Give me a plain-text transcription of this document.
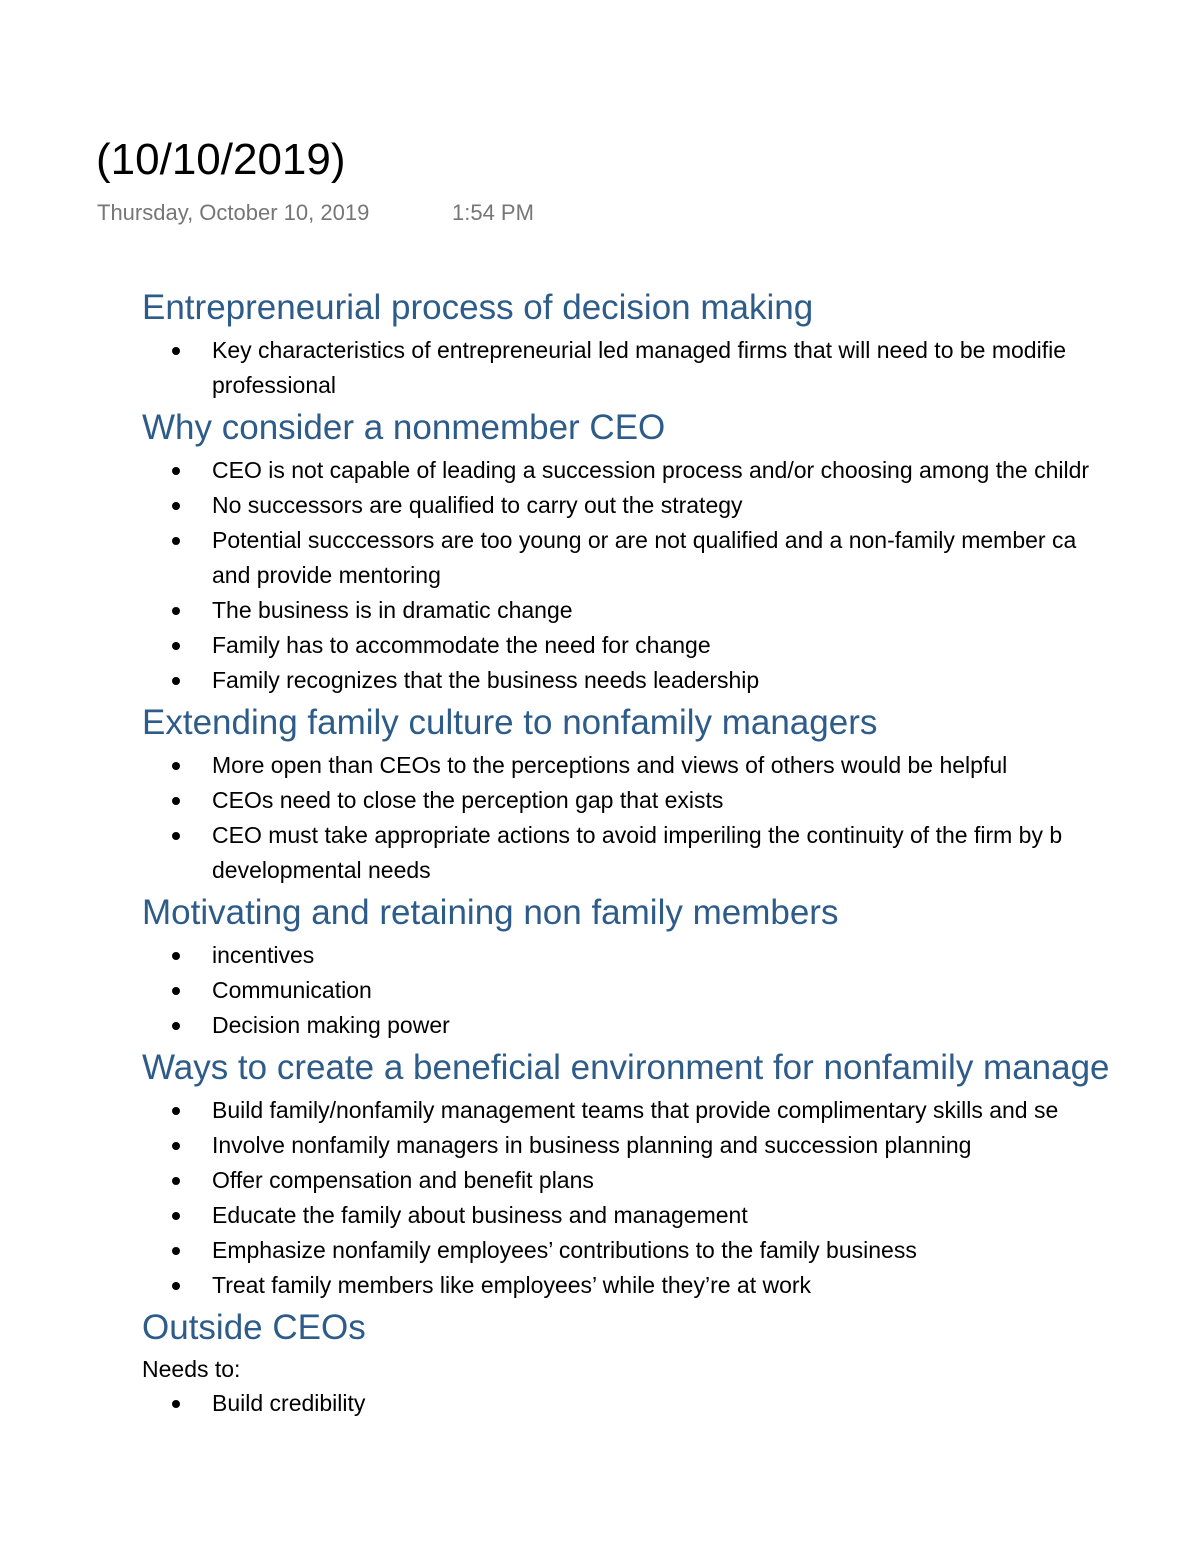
(10/10/2019)
Thursday, October 10, 2019	1:54 PM
Entrepreneurial process of decision making
Key characteristics of entrepreneurial led managed firms that will need to be modifie
professional
Why consider a nonmember CEO
CEO is not capable of leading a succession process and/or choosing among the childr
No successors are qualified to carry out the strategy
Potential succcessors are too young or are not qualified and a non-family member ca
and provide mentoring
The business is in dramatic change
Family has to accommodate the need for change
Family recognizes that the business needs leadership
Extending family culture to nonfamily managers
More open than CEOs to the perceptions and views of others would be helpful
CEOs need to close the perception gap that exists
CEO must take appropriate actions to avoid imperiling the continuity of the firm by b
developmental needs
Motivating and retaining non family members
incentives
Communication
Decision making power
Ways to create a beneficial environment for nonfamily manage
Build family/nonfamily management teams that provide complimentary skills and se
Involve nonfamily managers in business planning and succession planning
Offer compensation and benefit plans
Educate the family about business and management
Emphasize nonfamily employees’ contributions to the family business
Treat family members like employees’ while they’re at work
Outside CEOs
Needs to:
Build credibility
